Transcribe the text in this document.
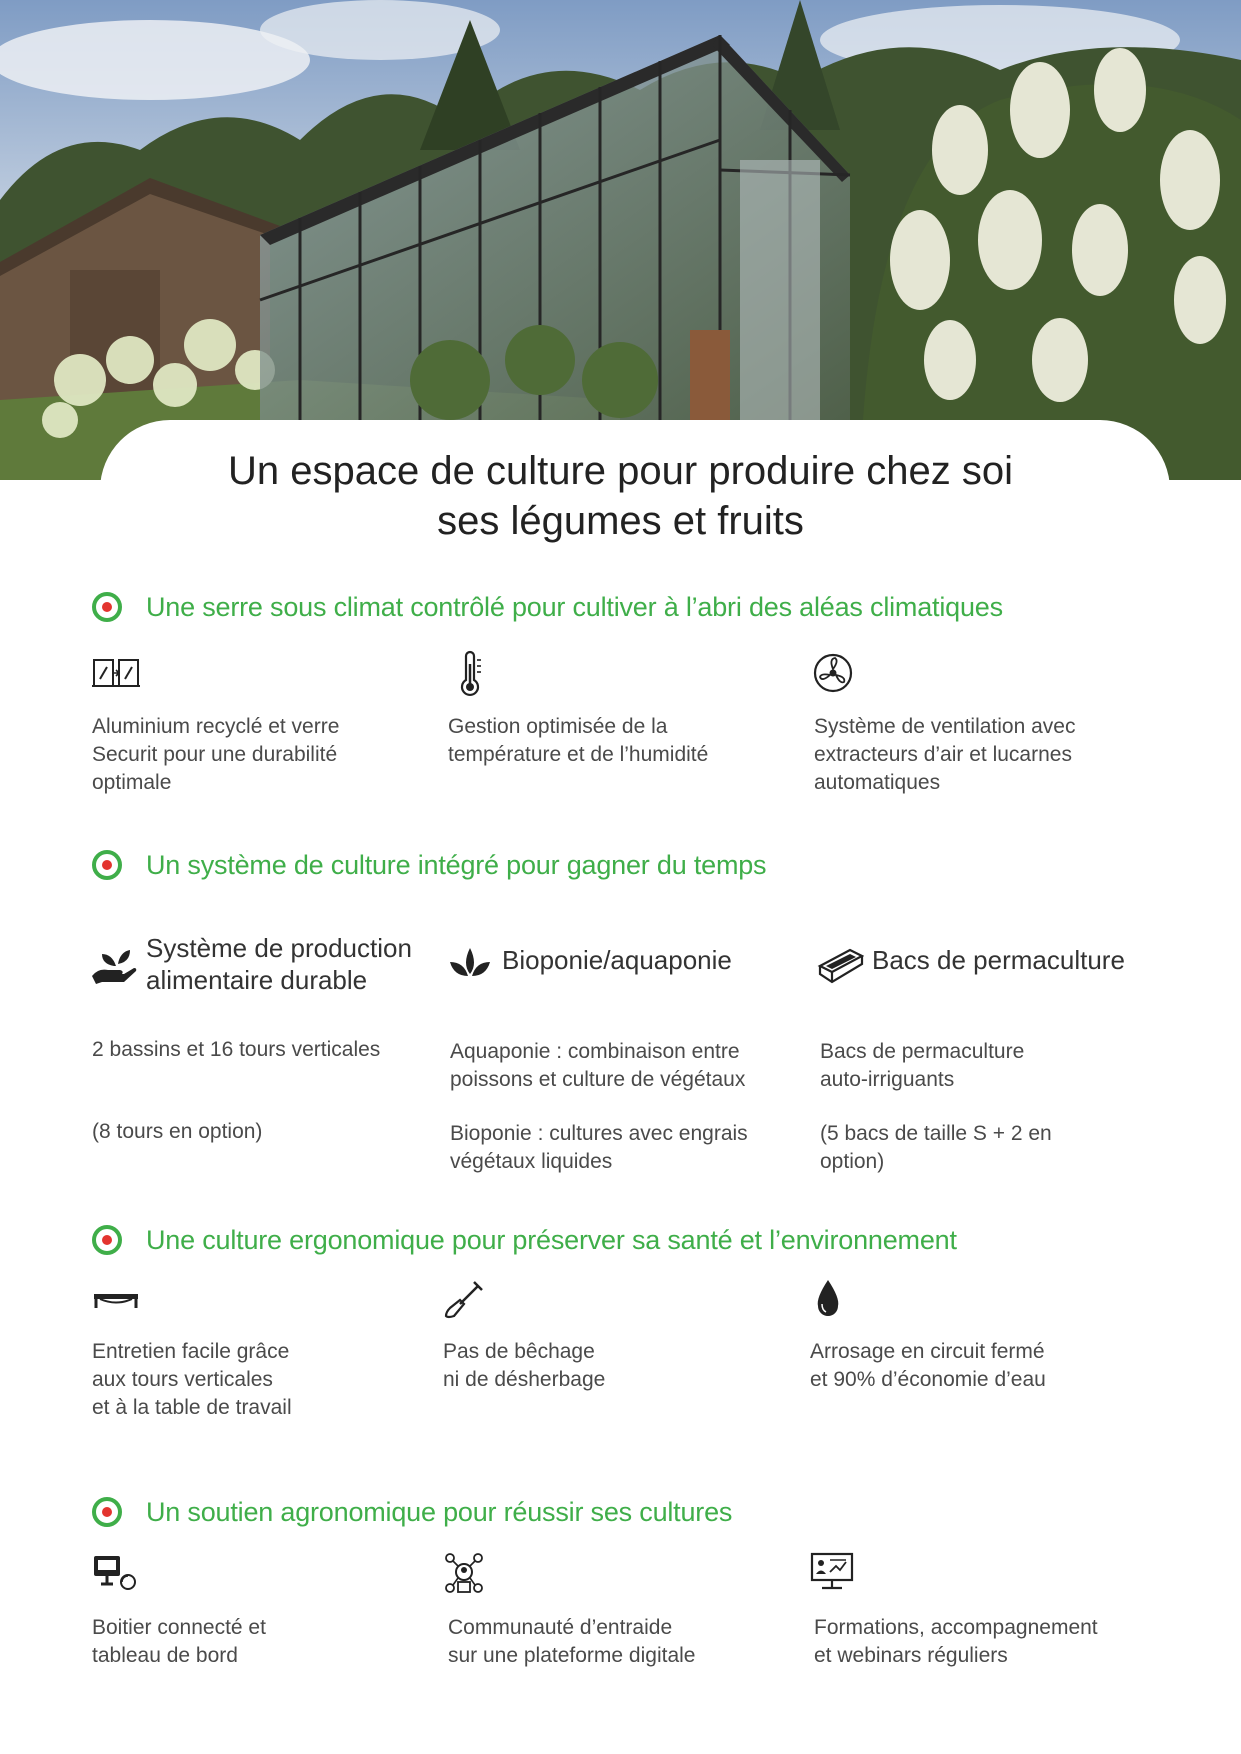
Un espace de culture pour produire chez soi
ses légumes et fruits
Une serre sous climat contrôlé pour cultiver à l’abri des aléas climatiques

Aluminium recyclé et verre
Securit pour une durabilité
optimale

Gestion optimisée de la
température et de l’humidité

Système de ventilation avec
extracteurs d’air et lucarnes
automatiques

Un système de culture intégré pour gagner du temps

Système de production
alimentaire durable

Bioponie/aquaponie	Bacs de permaculture

2 bassins et 16 tours verticales

(8 tours en option)

Aquaponie : combinaison entre
poissons et culture de végétaux

Bioponie : cultures avec engrais
végétaux liquides

Bacs de permaculture
auto-irriguants

(5 bacs de taille S + 2 en
option)

Une culture ergonomique pour préserver sa santé et l’environnement

Entretien facile grâce
aux tours verticales
et à la table de travail

Pas de bêchage
ni de désherbage

Arrosage en circuit fermé
et 90% d’économie d’eau

Un soutien agronomique pour réussir ses cultures

Boitier connecté et
tableau de bord

Communauté d’entraide
sur une plateforme digitale

Formations, accompagnement
et webinars réguliers
